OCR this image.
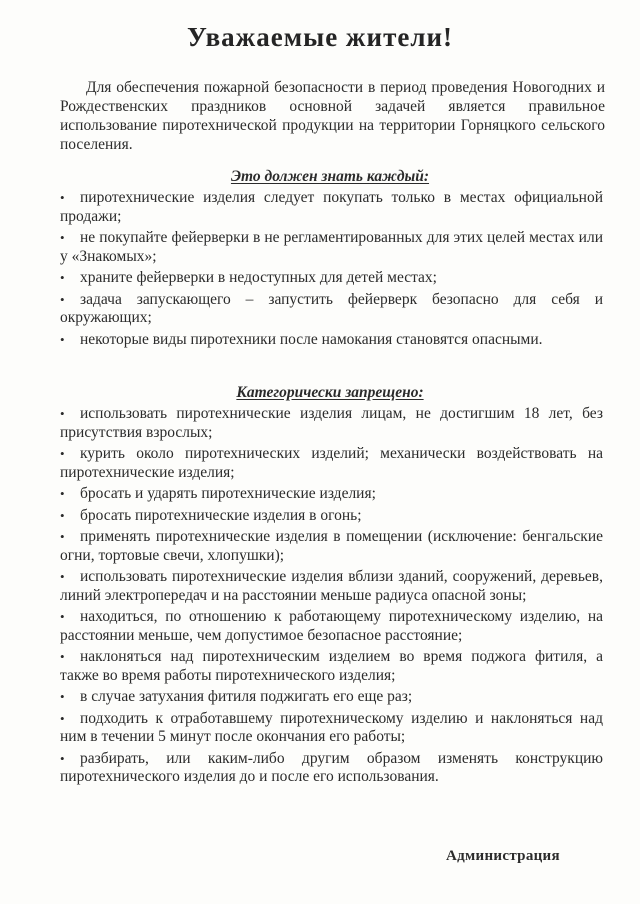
Уважаемые жители!
Для обеспечения пожарной безопасности в период проведения Новогодних и Рождественских праздников основной задачей является правильное использование пиротехнической продукции на территории Горняцкого сельского поселения.
Это должен знать каждый:
• пиротехнические изделия следует покупать только в местах официальной продажи;
• не покупайте фейерверки в не регламентированных для этих целей местах или у «Знакомых»;
• храните фейерверки в недоступных для детей местах;
• задача запускающего – запустить фейерверк безопасно для себя и окружающих;
• некоторые виды пиротехники после намокания становятся опасными.
Категорически запрещено:
• использовать пиротехнические изделия лицам, не достигшим 18 лет, без присутствия взрослых;
• курить около пиротехнических изделий; механически воздействовать на пиротехнические изделия;
• бросать и ударять пиротехнические изделия;
• бросать пиротехнические изделия в огонь;
• применять пиротехнические изделия в помещении (исключение: бенгальские огни, тортовые свечи, хлопушки);
• использовать пиротехнические изделия вблизи зданий, сооружений, деревьев, линий электропередач и на расстоянии меньше радиуса опасной зоны;
• находиться, по отношению к работающему пиротехническому изделию, на расстоянии меньше, чем допустимое безопасное расстояние;
• наклоняться над пиротехническим изделием во время поджога фитиля, а также во время работы пиротехнического изделия;
• в случае затухания фитиля поджигать его еще раз;
• подходить к отработавшему пиротехническому изделию и наклоняться над ним в течении 5 минут после окончания его работы;
• разбирать, или каким-либо другим образом изменять конструкцию пиротехнического изделия до и после его использования.
Администрация
